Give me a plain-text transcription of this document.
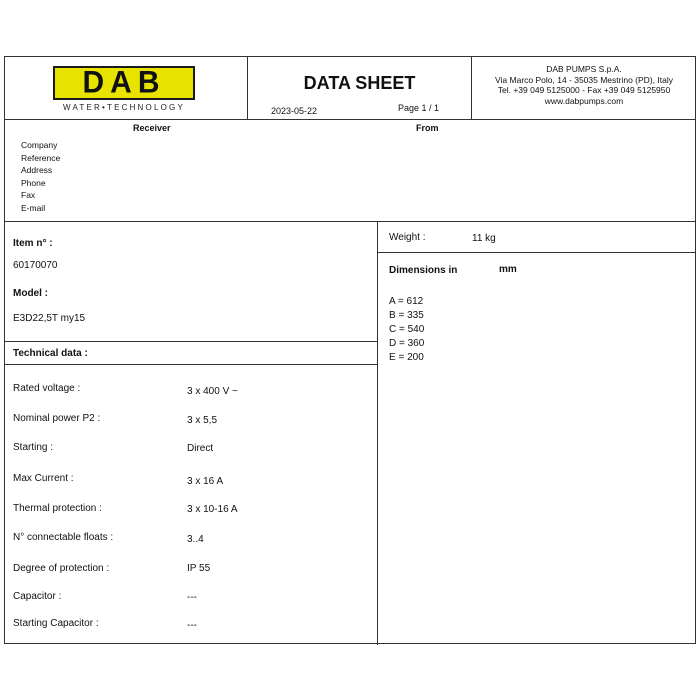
DAB
WATER•TECHNOLOGY
DATA SHEET
2023-05-22	Page 1 / 1
DAB PUMPS S.p.A.
Via Marco Polo, 14 - 35035 Mestrino (PD), Italy
Tel. +39 049 5125000 - Fax +39 049 5125950
www.dabpumps.com
Receiver	From
Company
Reference
Address
Phone
Fax
E-mail
Item n° :
60170070
Model :
E3D22,5T my15
Technical data :
Rated voltage :	3 x 400 V ~
Nominal power P2 :	3 x 5,5
Starting :	Direct
Max Current :	3 x 16 A
Thermal protection :	3 x 10-16 A
N° connectable floats :	3..4
Degree of protection :	IP 55
Capacitor :	---
Starting Capacitor :	---
Weight :	11 kg
Dimensions in	mm
A = 612
B = 335
C = 540
D = 360
E = 200
